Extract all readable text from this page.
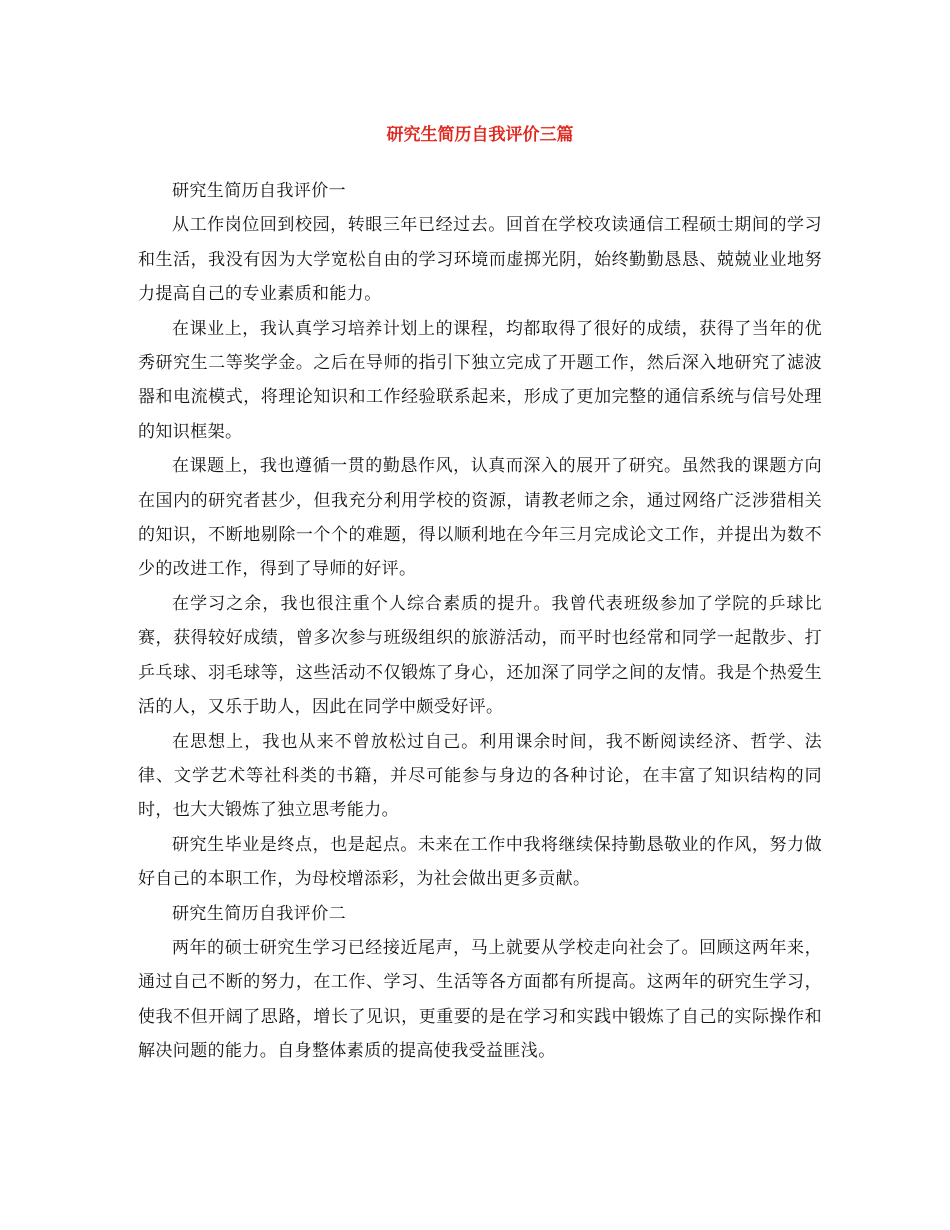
研究生简历自我评价三篇

研究生简历自我评价一

从工作岗位回到校园，转眼三年已经过去。回首在学校攻读通信工程硕士期间的学习和生活，我没有因为大学宽松自由的学习环境而虚掷光阴，始终勤勤恳恳、兢兢业业地努力提高自己的专业素质和能力。

在课业上，我认真学习培养计划上的课程，均都取得了很好的成绩，获得了当年的优秀研究生二等奖学金。之后在导师的指引下独立完成了开题工作，然后深入地研究了滤波器和电流模式，将理论知识和工作经验联系起来，形成了更加完整的通信系统与信号处理的知识框架。

在课题上，我也遵循一贯的勤恳作风，认真而深入的展开了研究。虽然我的课题方向在国内的研究者甚少，但我充分利用学校的资源，请教老师之余，通过网络广泛涉猎相关的知识，不断地剔除一个个的难题，得以顺利地在今年三月完成论文工作，并提出为数不少的改进工作，得到了导师的好评。

在学习之余，我也很注重个人综合素质的提升。我曾代表班级参加了学院的乒球比赛，获得较好成绩，曾多次参与班级组织的旅游活动，而平时也经常和同学一起散步、打乒乓球、羽毛球等，这些活动不仅锻炼了身心，还加深了同学之间的友情。我是个热爱生活的人，又乐于助人，因此在同学中颇受好评。

在思想上，我也从来不曾放松过自己。利用课余时间，我不断阅读经济、哲学、法律、文学艺术等社科类的书籍，并尽可能参与身边的各种讨论，在丰富了知识结构的同时，也大大锻炼了独立思考能力。

研究生毕业是终点，也是起点。未来在工作中我将继续保持勤恳敬业的作风，努力做好自己的本职工作，为母校增添彩，为社会做出更多贡献。

研究生简历自我评价二

两年的硕士研究生学习已经接近尾声，马上就要从学校走向社会了。回顾这两年来，通过自己不断的努力，在工作、学习、生活等各方面都有所提高。这两年的研究生学习，使我不但开阔了思路，增长了见识，更重要的是在学习和实践中锻炼了自己的实际操作和解决问题的能力。自身整体素质的提高使我受益匪浅。
